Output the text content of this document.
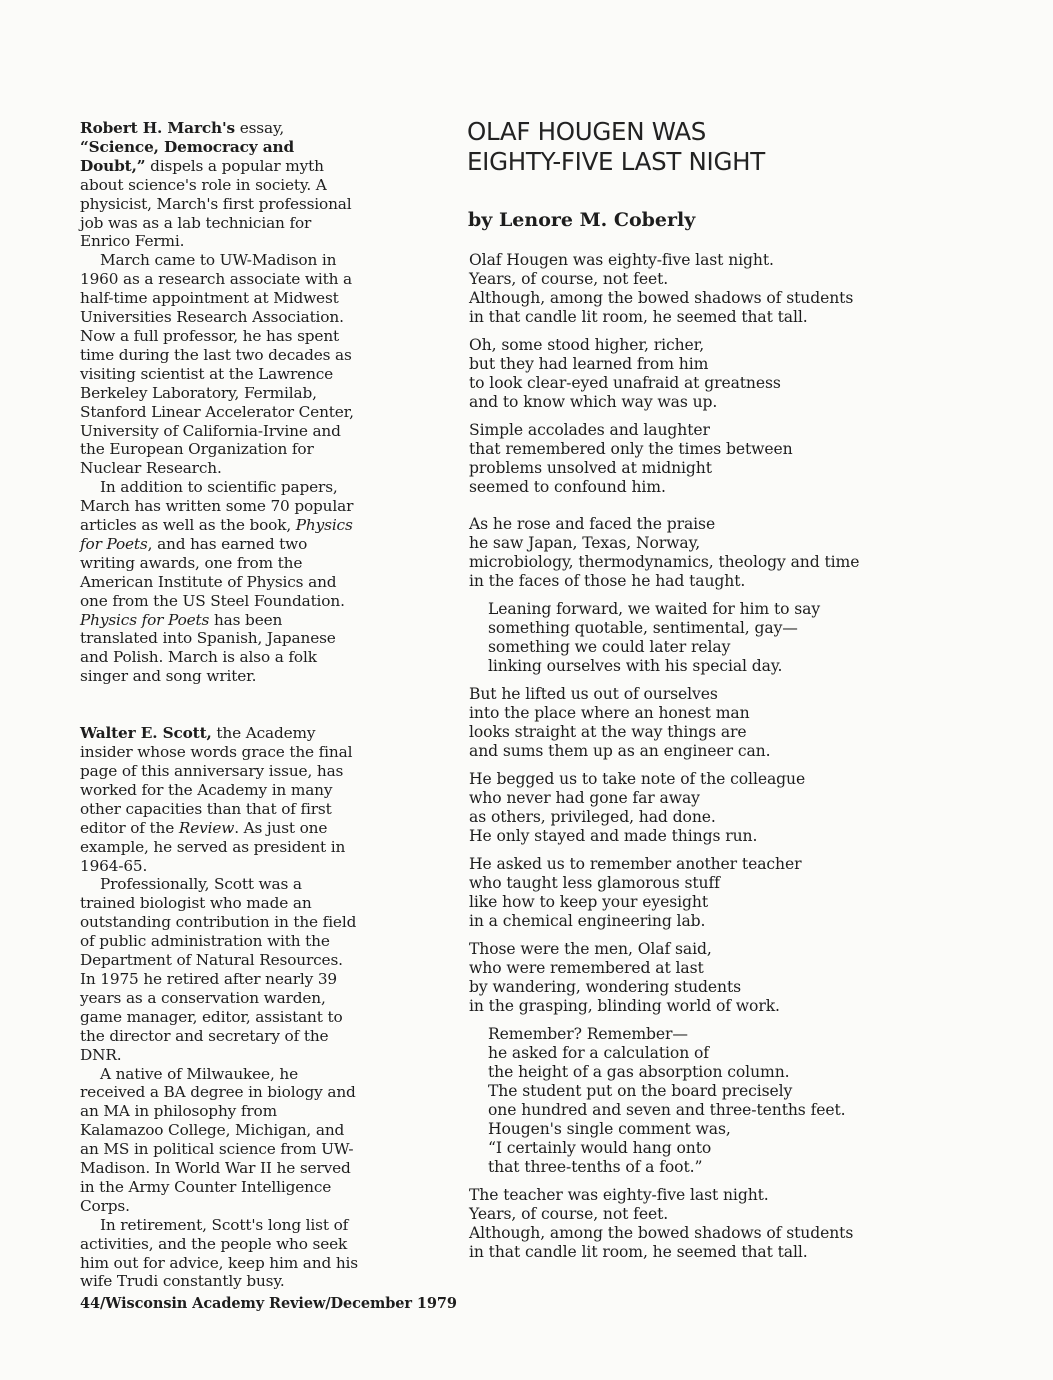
Robert H. March's essay, “Science, Democracy and Doubt,” dispels a popular myth about science's role in society. A physicist, March's first professional job was as a lab technician for Enrico Fermi.

March came to UW-Madison in 1960 as a research associate with a half-time appointment at Midwest Universities Research Association. Now a full professor, he has spent time during the last two decades as visiting scientist at the Lawrence Berkeley Laboratory, Fermilab, Stanford Linear Accelerator Center, University of California-Irvine and the European Organization for Nuclear Research.

In addition to scientific papers, March has written some 70 popular articles as well as the book, Physics for Poets, and has earned two writing awards, one from the American Institute of Physics and one from the US Steel Foundation. Physics for Poets has been translated into Spanish, Japanese and Polish. March is also a folk singer and song writer.

Walter E. Scott, the Academy insider whose words grace the final page of this anniversary issue, has worked for the Academy in many other capacities than that of first editor of the Review. As just one example, he served as president in 1964-65.

Professionally, Scott was a trained biologist who made an outstanding contribution in the field of public administration with the Department of Natural Resources. In 1975 he retired after nearly 39 years as a conservation warden, game manager, editor, assistant to the director and secretary of the DNR.

A native of Milwaukee, he received a BA degree in biology and an MA in philosophy from Kalamazoo College, Michigan, and an MS in political science from UW-Madison. In World War II he served in the Army Counter Intelligence Corps.

In retirement, Scott's long list of activities, and the people who seek him out for advice, keep him and his wife Trudi constantly busy.

OLAF HOUGEN WAS
EIGHTY-FIVE LAST NIGHT
by Lenore M. Coberly
Olaf Hougen was eighty-five last night.
Years, of course, not feet.
Although, among the bowed shadows of students
in that candle lit room, he seemed that tall.
Oh, some stood higher, richer,
but they had learned from him
to look clear-eyed unafraid at greatness
and to know which way was up.
Simple accolades and laughter
that remembered only the times between
problems unsolved at midnight
seemed to confound him.
As he rose and faced the praise
he saw Japan, Texas, Norway,
microbiology, thermodynamics, theology and time
in the faces of those he had taught.
Leaning forward, we waited for him to say
something quotable, sentimental, gay—
something we could later relay
linking ourselves with his special day.
But he lifted us out of ourselves
into the place where an honest man
looks straight at the way things are
and sums them up as an engineer can.
He begged us to take note of the colleague
who never had gone far away
as others, privileged, had done.
He only stayed and made things run.
He asked us to remember another teacher
who taught less glamorous stuff
like how to keep your eyesight
in a chemical engineering lab.
Those were the men, Olaf said,
who were remembered at last
by wandering, wondering students
in the grasping, blinding world of work.
Remember? Remember—
he asked for a calculation of
the height of a gas absorption column.
The student put on the board precisely
one hundred and seven and three-tenths feet.
Hougen's single comment was,
“I certainly would hang onto
that three-tenths of a foot.”
The teacher was eighty-five last night.
Years, of course, not feet.
Although, among the bowed shadows of students
in that candle lit room, he seemed that tall.
44/Wisconsin Academy Review/December 1979
